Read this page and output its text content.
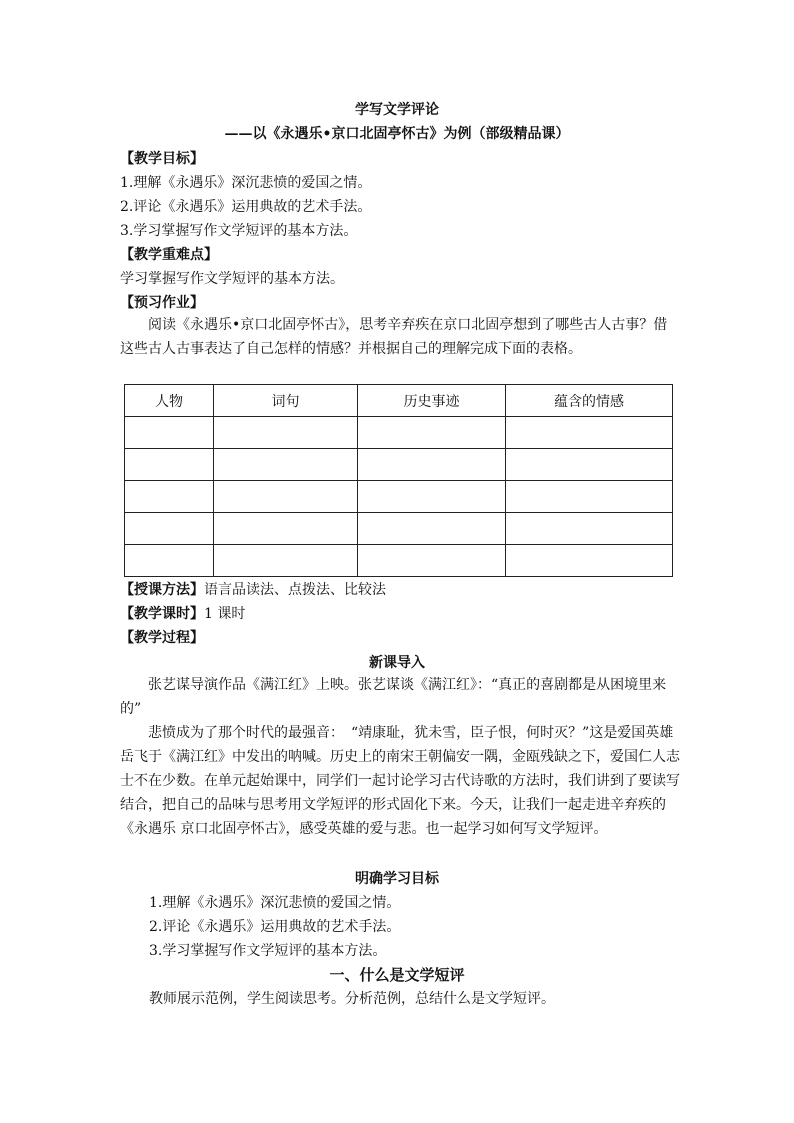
学写文学评论
——以《永遇乐•京口北固亭怀古》为例（部级精品课）
【教学目标】
1.理解《永遇乐》深沉悲愤的爱国之情。
2.评论《永遇乐》运用典故的艺术手法。
3.学习掌握写作文学短评的基本方法。
【教学重难点】
学习掌握写作文学短评的基本方法。
【预习作业】
阅读《永遇乐•京口北固亭怀古》，思考辛弃疾在京口北固亭想到了哪些古人古事？借这些古人古事表达了自己怎样的情感？并根据自己的理解完成下面的表格。
人物	词句	历史事迹	蕴含的情感

【授课方法】语言品读法、点拨法、比较法
【教学课时】1 课时
【教学过程】
新课导入
张艺谋导演作品《满江红》上映。张艺谋谈《满江红》：“真正的喜剧都是从困境里来的”
悲愤成为了那个时代的最强音：　“靖康耻，犹未雪，臣子恨，何时灭？”这是爱国英雄岳飞于《满江红》中发出的呐喊。历史上的南宋王朝偏安一隅，金瓯残缺之下，爱国仁人志士不在少数。在单元起始课中，同学们一起讨论学习古代诗歌的方法时，我们讲到了要读写结合，把自己的品味与思考用文学短评的形式固化下来。今天，让我们一起走进辛弃疾的《永遇乐 京口北固亭怀古》，感受英雄的爱与悲。也一起学习如何写文学短评。
明确学习目标
1.理解《永遇乐》深沉悲愤的爱国之情。
2.评论《永遇乐》运用典故的艺术手法。
3.学习掌握写作文学短评的基本方法。
一、什么是文学短评
教师展示范例，学生阅读思考。分析范例，总结什么是文学短评。
